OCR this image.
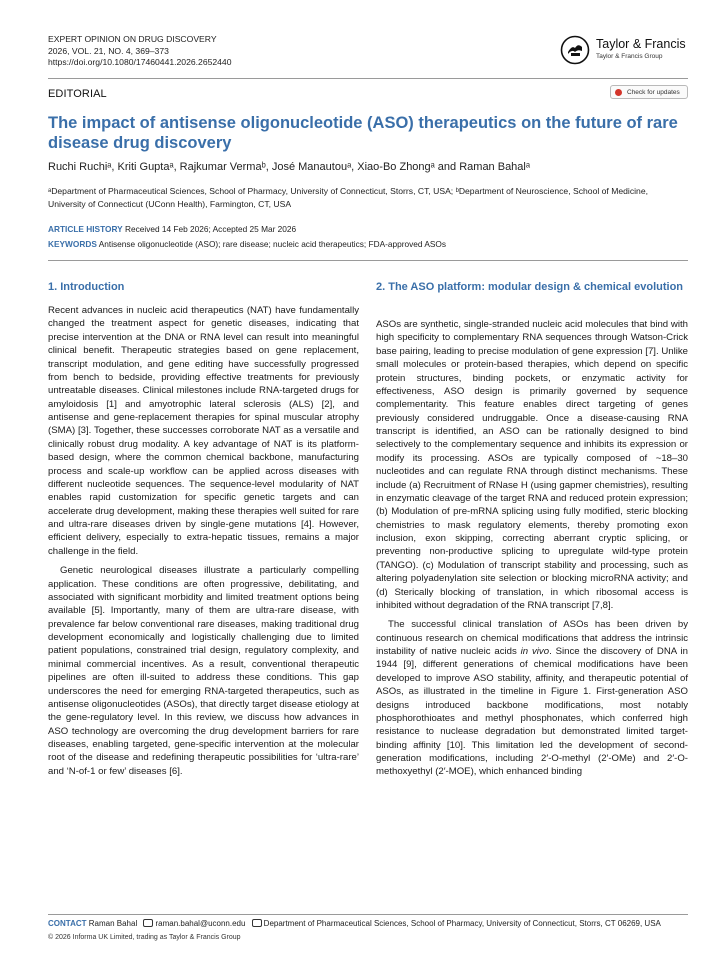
EXPERT OPINION ON DRUG DISCOVERY
2026, VOL. 21, NO. 4, 369–373
https://doi.org/10.1080/17460441.2026.2652440
Taylor & Francis
Taylor & Francis Group
EDITORIAL	Check for updates
The impact of antisense oligonucleotide (ASO) therapeutics on the future of rare disease drug discovery
Ruchi Ruchiᵃ, Kriti Guptaᵃ, Rajkumar Vermaᵇ, José Manautouᵃ, Xiao-Bo Zhongᵃ and Raman Bahalᵃ
ᵃDepartment of Pharmaceutical Sciences, School of Pharmacy, University of Connecticut, Storrs, CT, USA; ᵇDepartment of Neuroscience, School of Medicine, University of Connecticut (UConn Health), Farmington, CT, USA
ARTICLE HISTORY Received 14 Feb 2026; Accepted 25 Mar 2026
KEYWORDS Antisense oligonucleotide (ASO); rare disease; nucleic acid therapeutics; FDA-approved ASOs
1. Introduction

Recent advances in nucleic acid therapeutics (NAT) have fundamentally changed the treatment aspect for genetic diseases, indicating that precise intervention at the DNA or RNA level can result into meaningful clinical benefit. Therapeutic strategies based on gene replacement, transcript modulation, and gene editing have successfully progressed from bench to bedside, providing effective treatments for previously untreatable diseases. Clinical milestones include RNA-targeted drugs for amyloidosis [1] and amyotrophic lateral sclerosis (ALS) [2], and antisense and gene-replacement therapies for spinal muscular atrophy (SMA) [3]. Together, these successes corroborate NAT as a versatile and clinically robust drug modality. A key advantage of NAT is its platform-based design, where the common chemical backbone, manufacturing process and scale-up workflow can be applied across diseases with different nucleotide sequences. The sequence-level modularity of NAT enables rapid customization for specific genetic targets and can accelerate drug development, making these therapies well suited for rare and ultra-rare diseases driven by single-gene mutations [4]. However, efficient delivery, especially to extra-hepatic tissues, remains a major challenge in the field.

Genetic neurological diseases illustrate a particularly compelling application. These conditions are often progressive, debilitating, and associated with significant morbidity and limited treatment options being available [5]. Importantly, many of them are ultra-rare disease, with prevalence far below conventional rare diseases, making traditional drug development economically and logistically challenging due to limited patient populations, constrained trial design, regulatory complexity, and minimal commercial incentives. As a result, conventional therapeutic pipelines are often ill-suited to address these conditions. This gap underscores the need for emerging RNA-targeted therapeutics, such as antisense oligonucleotides (ASOs), that directly target disease etiology at the gene-regulatory level. In this review, we discuss how advances in ASO technology are overcoming the drug development barriers for rare diseases, enabling targeted, gene-specific intervention at the molecular root of the disease and redefining therapeutic possibilities for ‘ultra-rare’ and ‘N-of-1 or few’ diseases [6].

2. The ASO platform: modular design & chemical evolution

ASOs are synthetic, single-stranded nucleic acid molecules that bind with high specificity to complementary RNA sequences through Watson-Crick base pairing, leading to precise modulation of gene expression [7]. Unlike small molecules or protein-based therapies, which depend on specific protein structures, binding pockets, or enzymatic activity for effectiveness, ASO design is primarily governed by sequence complementarity. This feature enables direct targeting of genes previously considered undruggable. Once a disease-causing RNA transcript is identified, an ASO can be rationally designed to bind selectively to the complementary sequence and inhibits its expression or modify its processing. ASOs are typically composed of ~18–30 nucleotides and can regulate RNA through distinct mechanisms. These include (a) Recruitment of RNase H (using gapmer chemistries), resulting in enzymatic cleavage of the target RNA and reduced protein expression; (b) Modulation of pre-mRNA splicing using fully modified, steric blocking chemistries to mask regulatory elements, thereby promoting exon inclusion, exon skipping, correcting aberrant cryptic splicing, or preventing non-productive splicing to upregulate wild-type protein (TANGO). (c) Modulation of transcript stability and processing, such as altering polyadenylation site selection or blocking microRNA activity; and (d) Sterically blocking of translation, in which ribosomal access is inhibited without degradation of the RNA transcript [7,8].

The successful clinical translation of ASOs has been driven by continuous research on chemical modifications that address the intrinsic instability of native nucleic acids in vivo. Since the discovery of DNA in 1944 [9], different generations of chemical modifications have been developed to improve ASO stability, affinity, and therapeutic potential of ASOs, as illustrated in the timeline in Figure 1. First-generation ASO designs introduced backbone modifications, most notably phosphorothioates and methyl phosphonates, which conferred high resistance to nuclease degradation but demonstrated limited target-binding affinity [10]. This limitation led the development of second-generation modifications, including 2′-O-methyl (2′-OMe) and 2′-O-methoxyethyl (2′-MOE), which enhanced binding

CONTACT Raman Bahal raman.bahal@uconn.edu Department of Pharmaceutical Sciences, School of Pharmacy, University of Connecticut, Storrs, CT 06269, USA
© 2026 Informa UK Limited, trading as Taylor & Francis Group
